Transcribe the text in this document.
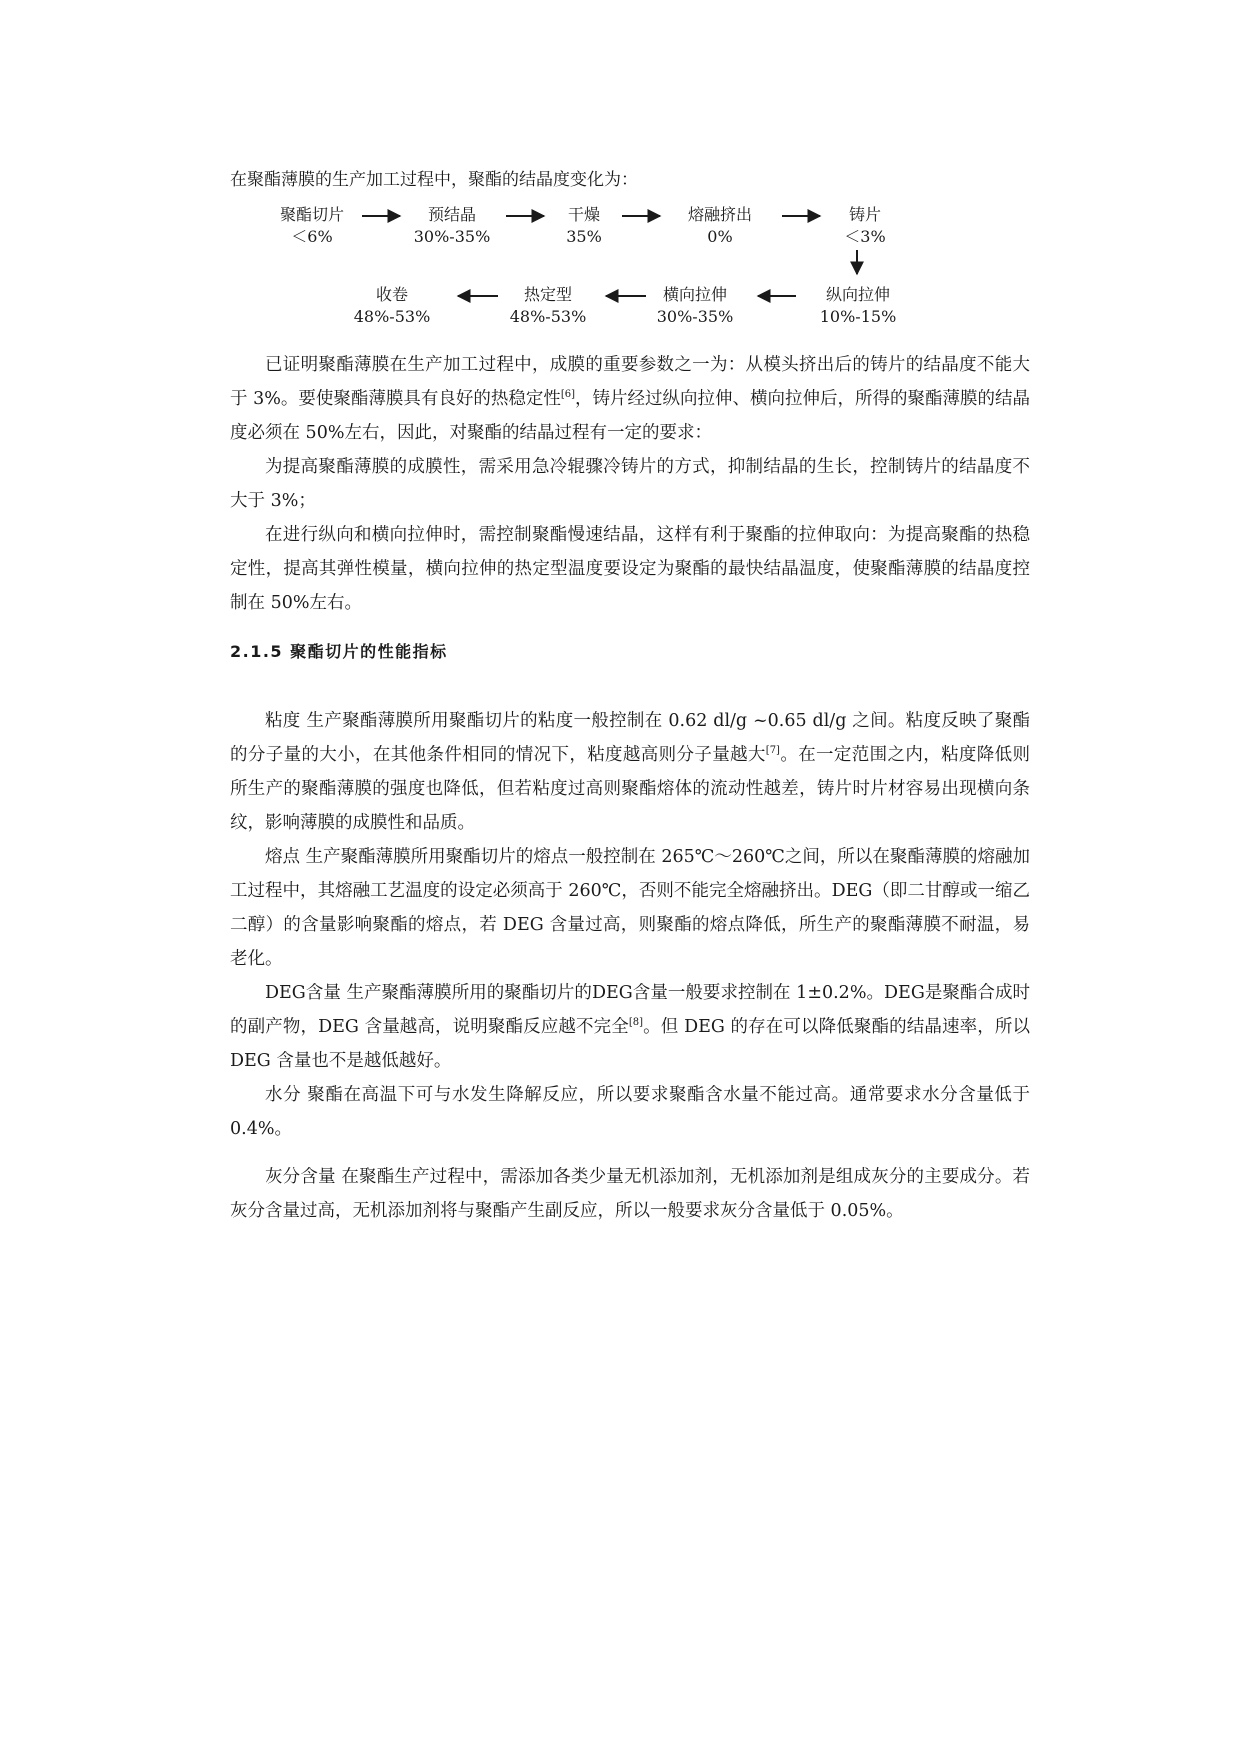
在聚酯薄膜的生产加工过程中，聚酯的结晶度变化为：
聚酯切片
＜6%
预结晶
30%-35%
干燥
35%
熔融挤出
0%
铸片
＜3%
收卷
48%-53%
热定型
48%-53%
横向拉伸
30%-35%
纵向拉伸
10%-15%

已证明聚酯薄膜在生产加工过程中，成膜的重要参数之一为：从模头挤出后的铸片的结晶度不能大于 3%。要使聚酯薄膜具有良好的热稳定性[6]，铸片经过纵向拉伸、横向拉伸后，所得的聚酯薄膜的结晶度必须在 50%左右，因此，对聚酯的结晶过程有一定的要求：

为提高聚酯薄膜的成膜性，需采用急冷辊骤冷铸片的方式，抑制结晶的生长，控制铸片的结晶度不大于 3%；

在进行纵向和横向拉伸时，需控制聚酯慢速结晶，这样有利于聚酯的拉伸取向：为提高聚酯的热稳定性，提高其弹性模量，横向拉伸的热定型温度要设定为聚酯的最快结晶温度，使聚酯薄膜的结晶度控制在 50%左右。

2.1.5 聚酯切片的性能指标

粘度 生产聚酯薄膜所用聚酯切片的粘度一般控制在 0.62 dl/g ~0.65 dl/g 之间。粘度反映了聚酯的分子量的大小，在其他条件相同的情况下，粘度越高则分子量越大[7]。在一定范围之内，粘度降低则所生产的聚酯薄膜的强度也降低，但若粘度过高则聚酯熔体的流动性越差，铸片时片材容易出现横向条纹，影响薄膜的成膜性和品质。

熔点 生产聚酯薄膜所用聚酯切片的熔点一般控制在 265℃～260℃之间，所以在聚酯薄膜的熔融加工过程中，其熔融工艺温度的设定必须高于 260℃，否则不能完全熔融挤出。DEG（即二甘醇或一缩乙二醇）的含量影响聚酯的熔点，若 DEG 含量过高，则聚酯的熔点降低，所生产的聚酯薄膜不耐温，易老化。

DEG含量 生产聚酯薄膜所用的聚酯切片的DEG含量一般要求控制在 1±0.2%。DEG是聚酯合成时的副产物，DEG 含量越高，说明聚酯反应越不完全[8]。但 DEG 的存在可以降低聚酯的结晶速率，所以 DEG 含量也不是越低越好。

水分 聚酯在高温下可与水发生降解反应，所以要求聚酯含水量不能过高。通常要求水分含量低于 0.4%。

灰分含量 在聚酯生产过程中，需添加各类少量无机添加剂，无机添加剂是组成灰分的主要成分。若灰分含量过高，无机添加剂将与聚酯产生副反应，所以一般要求灰分含量低于 0.05%。
